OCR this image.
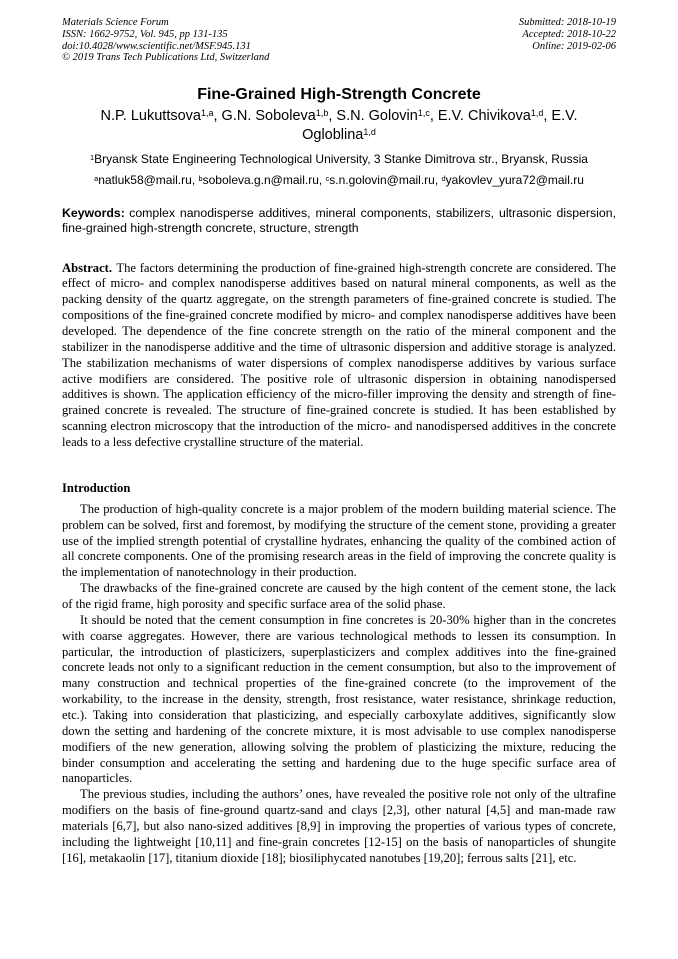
Materials Science Forum
ISSN: 1662-9752, Vol. 945, pp 131-135
doi:10.4028/www.scientific.net/MSF.945.131
© 2019 Trans Tech Publications Ltd, Switzerland
Submitted: 2018-10-19
Accepted: 2018-10-22
Online: 2019-02-06
Fine-Grained High-Strength Concrete
N.P. Lukuttsova$^{1,a}$, G.N. Soboleva$^{1,b}$, S.N. Golovin$^{1,c}$, E.V. Chivikova$^{1,d}$, E.V. Ogloblina$^{1,d}$
$^1$Bryansk State Engineering Technological University, 3 Stanke Dimitrova str., Bryansk, Russia
$^a$natluk58@mail.ru, $^b$soboleva.g.n@mail.ru, $^c$s.n.golovin@mail.ru, $^d$yakovlev_yura72@mail.ru
Keywords: complex nanodisperse additives, mineral components, stabilizers, ultrasonic dispersion, fine-grained high-strength concrete, structure, strength
Abstract. The factors determining the production of fine-grained high-strength concrete are considered. The effect of micro- and complex nanodisperse additives based on natural mineral components, as well as the packing density of the quartz aggregate, on the strength parameters of fine-grained concrete is studied. The compositions of the fine-grained concrete modified by micro- and complex nanodisperse additives have been developed. The dependence of the fine concrete strength on the ratio of the mineral component and the stabilizer in the nanodisperse additive and the time of ultrasonic dispersion and additive storage is analyzed. The stabilization mechanisms of water dispersions of complex nanodisperse additives by various surface active modifiers are considered. The positive role of ultrasonic dispersion in obtaining nanodispersed additives is shown. The application efficiency of the micro-filler improving the density and strength of fine-grained concrete is revealed. The structure of fine-grained concrete is studied. It has been established by scanning electron microscopy that the introduction of the micro- and nanodispersed additives in the concrete leads to a less defective crystalline structure of the material.
Introduction

The production of high-quality concrete is a major problem of the modern building material science. The problem can be solved, first and foremost, by modifying the structure of the cement stone, providing a greater use of the implied strength potential of crystalline hydrates, enhancing the quality of the combined action of all concrete components. One of the promising research areas in the field of improving the concrete quality is the implementation of nanotechnology in their production.

The drawbacks of the fine-grained concrete are caused by the high content of the cement stone, the lack of the rigid frame, high porosity and specific surface area of the solid phase.

It should be noted that the cement consumption in fine concretes is 20-30% higher than in the concretes with coarse aggregates. However, there are various technological methods to lessen its consumption. In particular, the introduction of plasticizers, superplasticizers and complex additives into the fine-grained concrete leads not only to a significant reduction in the cement consumption, but also to the improvement of many construction and technical properties of the fine-grained concrete (to the improvement of the workability, to the increase in the density, strength, frost resistance, water resistance, shrinkage reduction, etc.). Taking into consideration that plasticizing, and especially carboxylate additives, significantly slow down the setting and hardening of the concrete mixture, it is most advisable to use complex nanodisperse modifiers of the new generation, allowing solving the problem of plasticizing the mixture, reducing the binder consumption and accelerating the setting and hardening due to the huge specific surface area of nanoparticles.

The previous studies, including the authors’ ones, have revealed the positive role not only of the ultrafine modifiers on the basis of fine-ground quartz-sand and clays [2,3], other natural [4,5] and man-made raw materials [6,7], but also nano-sized additives [8,9] in improving the properties of various types of concrete, including the lightweight [10,11] and fine-grain concretes [12-15] on the basis of nanoparticles of shungite [16], metakaolin [17], titanium dioxide [18]; biosiliphycated nanotubes [19,20]; ferrous salts [21], etc.
